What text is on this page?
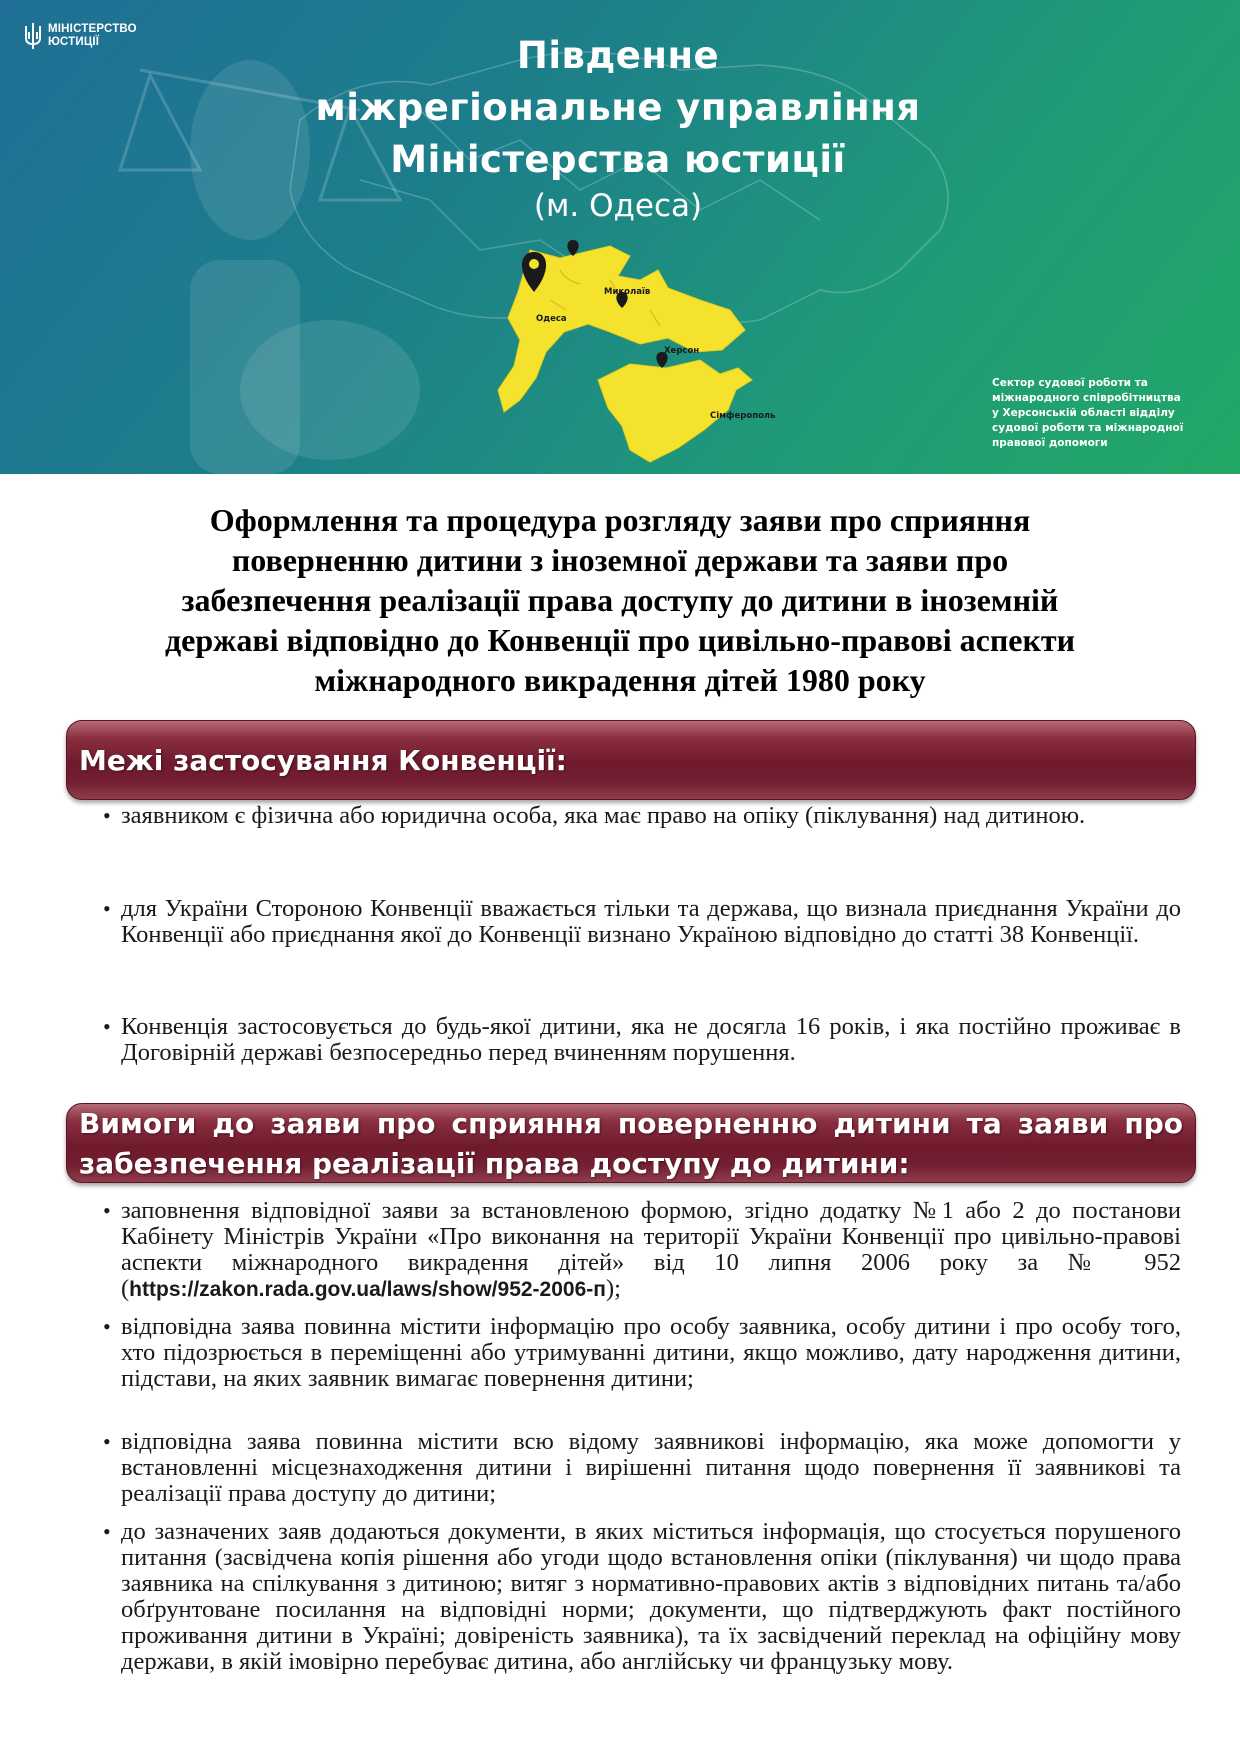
МІНІСТЕРСТВО
ЮСТИЦІЇ	Південне
міжрегіональне управління
Міністерства юстиції
(м. Одеса)
Одеса
Миколаїв
Херсон
Сімферополь
Сектор судової роботи та
міжнародного співробітництва
у Херсонській області відділу
судової роботи та міжнародної
правової допомоги
Оформлення та процедура розгляду заяви про сприяння
поверненню дитини з іноземної держави та заяви про
забезпечення реалізації права доступу до дитини в іноземній
державі відповідно до Конвенції про цивільно-правові аспекти
міжнародного викрадення дітей 1980 року
Межі застосування Конвенції:
• заявником є фізична або юридична особа, яка має право на опіку (піклування) над дитиною.
• для України Стороною Конвенції вважається тільки та держава, що визнала приєднання України до Конвенції або приєднання якої до Конвенції визнано Україною відповідно до статті 38 Конвенції.
• Конвенція застосовується до будь-якої дитини, яка не досягла 16 років, і яка постійно проживає в Договірній державі безпосередньо перед вчиненням порушення.
Вимоги до заяви про сприяння поверненню дитини та заяви про забезпечення реалізації права доступу до дитини:
• заповнення відповідної заяви за встановленою формою, згідно додатку №1 або 2 до постанови Кабінету Міністрів України «Про виконання на території України Конвенції про цивільно-правові аспекти міжнародного викрадення дітей» від 10 липня 2006 року за № 952 (https://zakon.rada.gov.ua/laws/show/952-2006-п);
• відповідна заява повинна містити інформацію про особу заявника, особу дитини і про особу того, хто підозрюється в переміщенні або утримуванні дитини, якщо можливо, дату народження дитини, підстави, на яких заявник вимагає повернення дитини;
• відповідна заява повинна містити всю відому заявникові інформацію, яка може допомогти у встановленні місцезнаходження дитини і вирішенні питання щодо повернення її заявникові та реалізації права доступу до дитини;
• до зазначених заяв додаються документи, в яких міститься інформація, що стосується порушеного питання (засвідчена копія рішення або угоди щодо встановлення опіки (піклування) чи щодо права заявника на спілкування з дитиною; витяг з нормативно-правових актів з відповідних питань та/або обґрунтоване посилання на відповідні норми; документи, що підтверджують факт постійного проживання дитини в Україні; довіреність заявника), та їх засвідчений переклад на офіційну мову держави, в якій імовірно перебуває дитина, або англійську чи французьку мову.
